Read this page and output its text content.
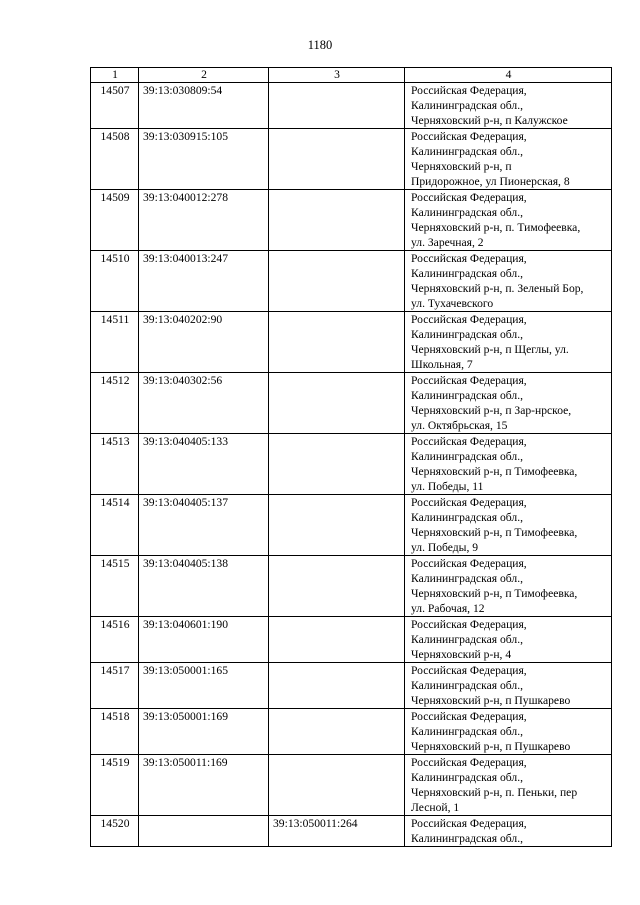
1180
1	2	3	4
14507	39:13:030809:54		Российская Федерация,
Калининградская обл.,
Черняховский р-н, п Калужское

14508	39:13:030915:105		Российская Федерация,
Калининградская обл.,
Черняховский р-н, п
Придорожное, ул Пионерская, 8

14509	39:13:040012:278		Российская Федерация,
Калининградская обл.,
Черняховский р-н, п. Тимофеевка,
ул. Заречная, 2

14510	39:13:040013:247		Российская Федерация,
Калининградская обл.,
Черняховский р-н, п. Зеленый Бор,
ул. Тухачевского

14511	39:13:040202:90		Российская Федерация,
Калининградская обл.,
Черняховский р-н, п Щеглы, ул.
Школьная, 7

14512	39:13:040302:56		Российская Федерация,
Калининградская обл.,
Черняховский р-н, п Зар-нрское,
ул. Октябрьская, 15

14513	39:13:040405:133		Российская Федерация,
Калининградская обл.,
Черняховский р-н, п Тимофеевка,
ул. Победы, 11

14514	39:13:040405:137		Российская Федерация,
Калининградская обл.,
Черняховский р-н, п Тимофеевка,
ул. Победы, 9

14515	39:13:040405:138		Российская Федерация,
Калининградская обл.,
Черняховский р-н, п Тимофеевка,
ул. Рабочая, 12

14516	39:13:040601:190		Российская Федерация,
Калининградская обл.,
Черняховский р-н, 4

14517	39:13:050001:165		Российская Федерация,
Калининградская обл.,
Черняховский р-н, п Пушкарево

14518	39:13:050001:169		Российская Федерация,
Калининградская обл.,
Черняховский р-н, п Пушкарево

14519	39:13:050011:169		Российская Федерация,
Калининградская обл.,
Черняховский р-н, п. Пеньки, пер
Лесной, 1

14520		39:13:050011:264	Российская Федерация,
Калининградская обл.,
